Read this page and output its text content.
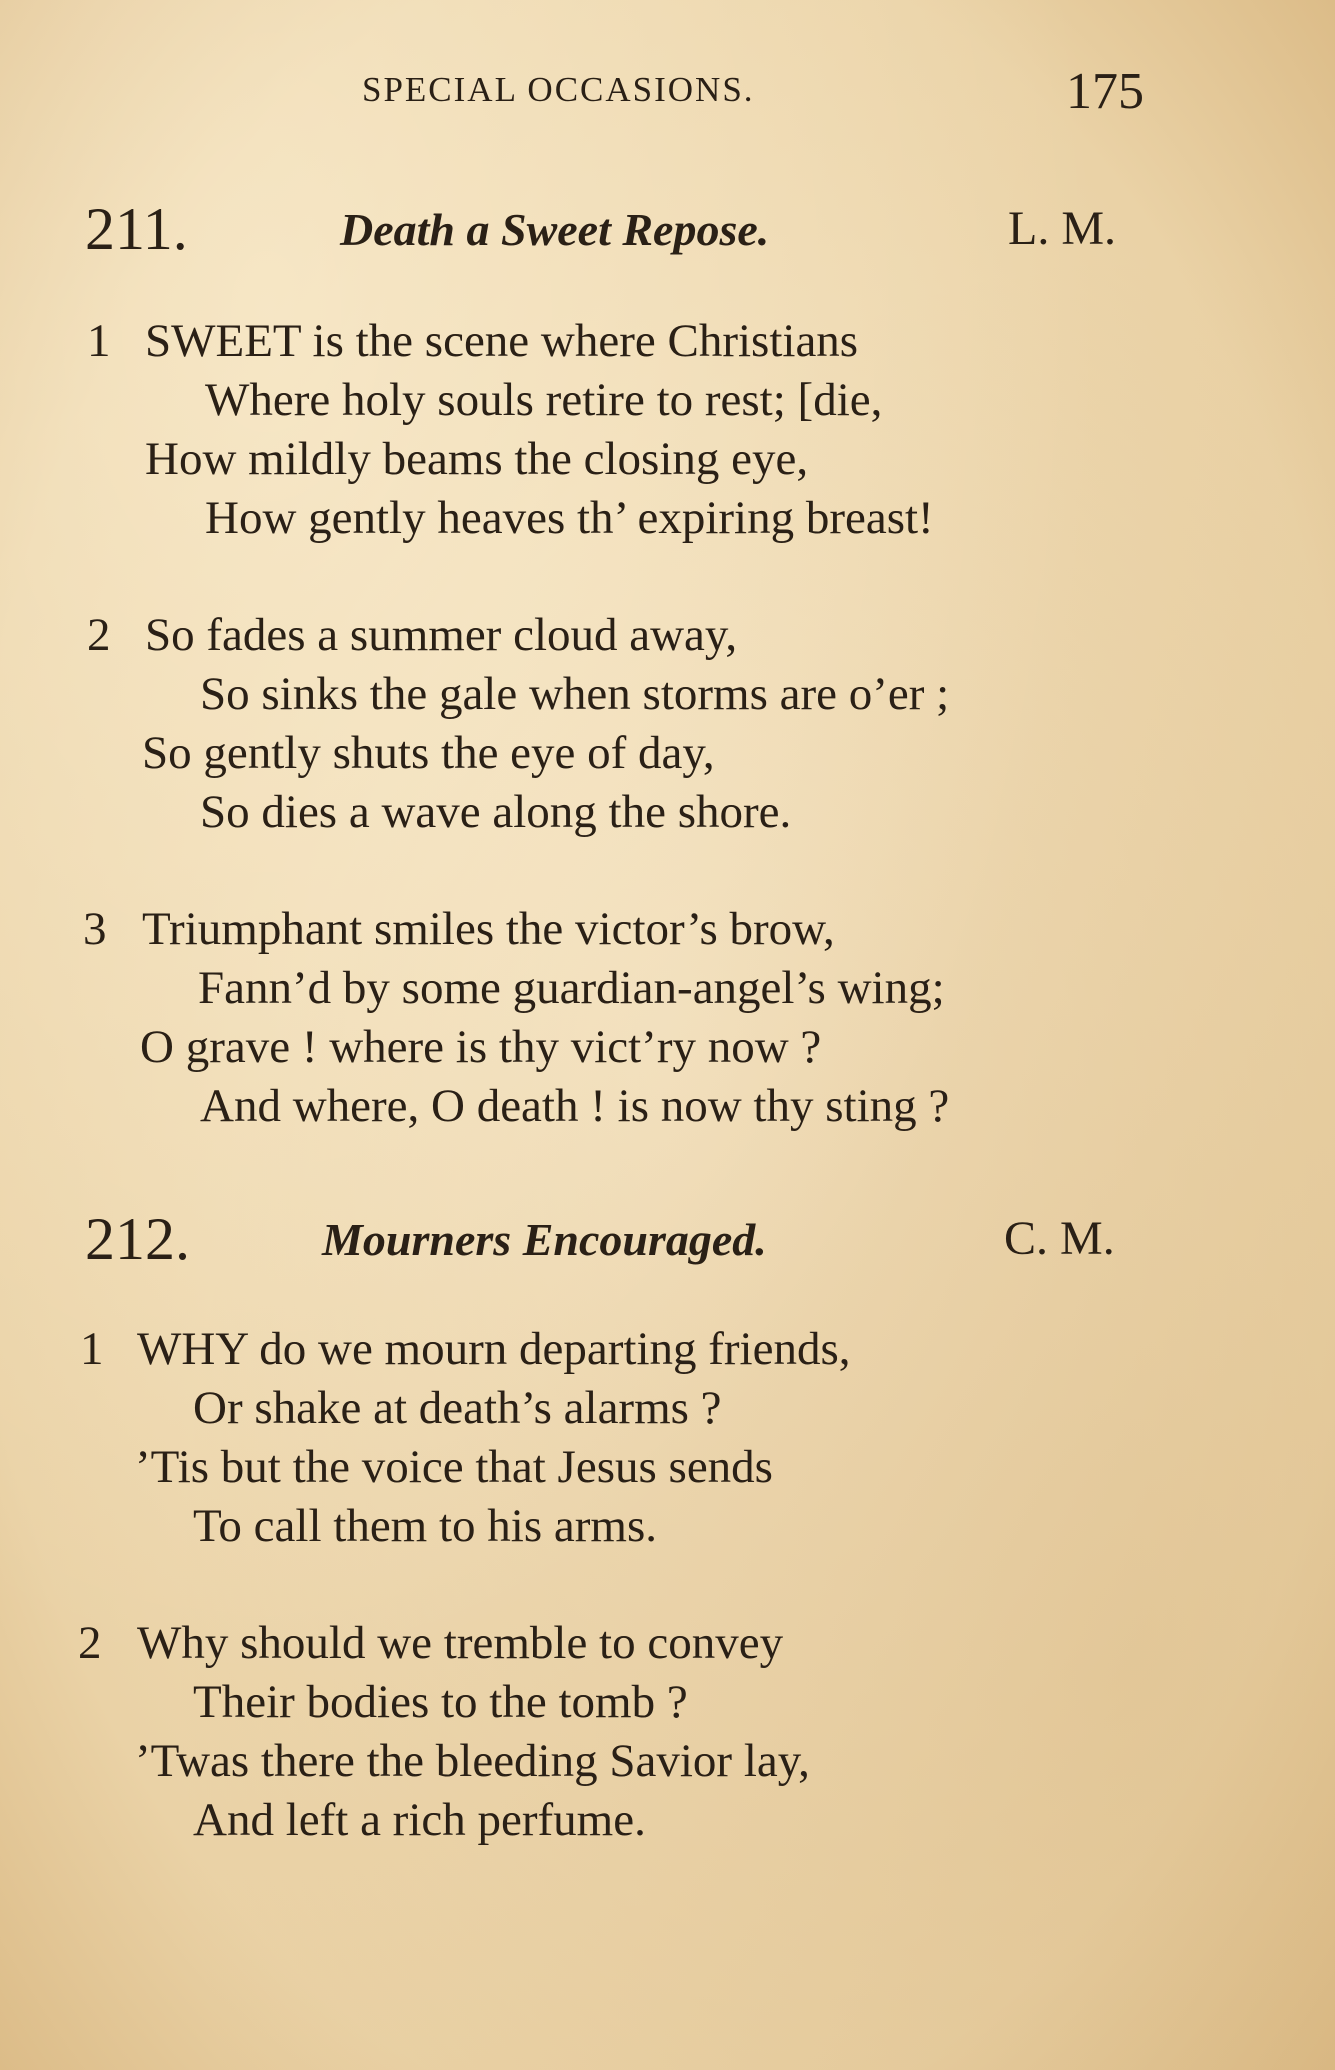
SPECIAL OCCASIONS.	175
211.	Death a Sweet Repose.	L. M.
1 SWEET is the scene where Christians
Where holy souls retire to rest; [die,
How mildly beams the closing eye,
How gently heaves th’ expiring breast!
2 So fades a summer cloud away,
So sinks the gale when storms are o’er ;
So gently shuts the eye of day,
So dies a wave along the shore.
3 Triumphant smiles the victor’s brow,
Fann’d by some guardian-angel’s wing;
O grave ! where is thy vict’ry now ?
And where, O death ! is now thy sting ?
212.	Mourners Encouraged.	C. M.
1 WHY do we mourn departing friends,
Or shake at death’s alarms ?
’Tis but the voice that Jesus sends
To call them to his arms.
2 Why should we tremble to convey
Their bodies to the tomb ?
’Twas there the bleeding Savior lay,
And left a rich perfume.
